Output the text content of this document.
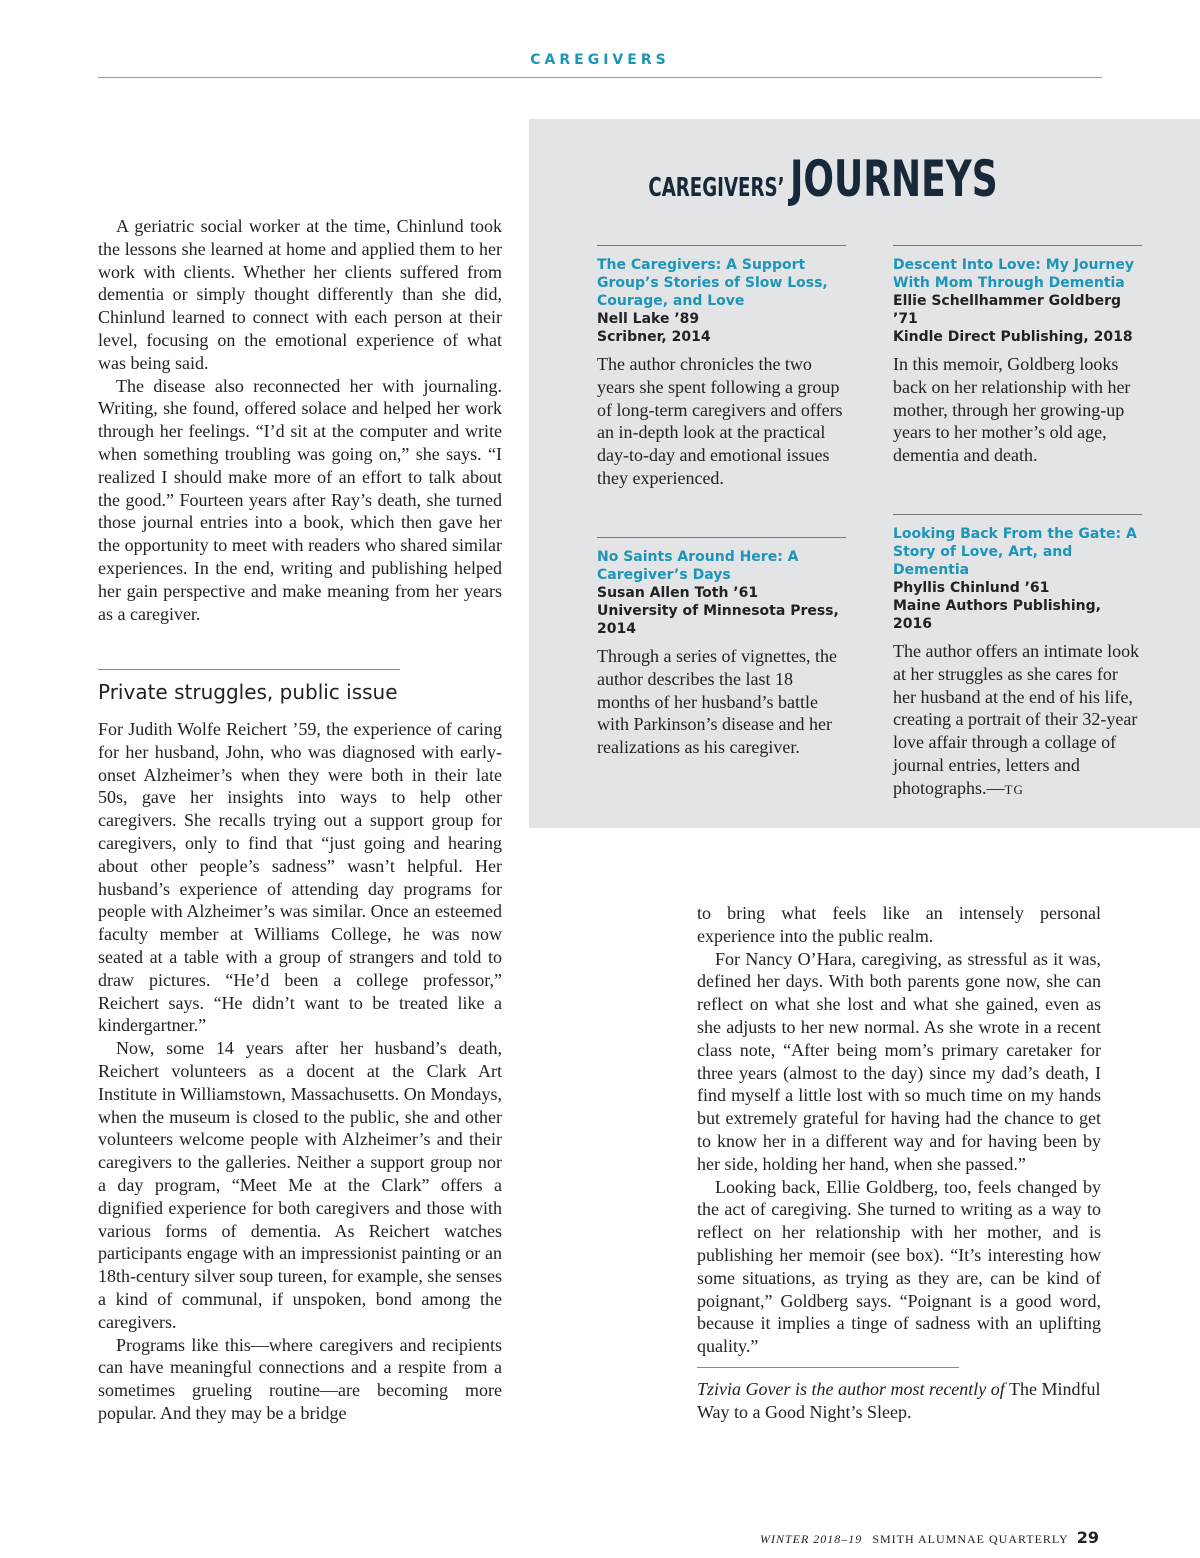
CAREGIVERS

A geriatric social worker at the time, Chinlund took the lessons she learned at home and applied them to her work with clients. Whether her clients suffered from dementia or simply thought differently than she did, Chinlund learned to connect with each person at their level, focusing on the emotional experience of what was being said.

The disease also reconnected her with journaling. Writing, she found, offered solace and helped her work through her feelings. “I’d sit at the computer and write when something troubling was going on,” she says. “I realized I should make more of an effort to talk about the good.” Fourteen years after Ray’s death, she turned those journal entries into a book, which then gave her the opportunity to meet with readers who shared similar experiences. In the end, writing and publishing helped her gain perspective and make meaning from her years as a caregiver.

Private struggles, public issue

For Judith Wolfe Reichert ’59, the experience of caring for her husband, John, who was diagnosed with early-onset Alzheimer’s when they were both in their late 50s, gave her insights into ways to help other caregivers. She recalls trying out a support group for caregivers, only to find that “just going and hearing about other people’s sadness” wasn’t helpful. Her husband’s experience of attending day programs for people with Alzheimer’s was similar. Once an esteemed faculty member at Williams College, he was now seated at a table with a group of strangers and told to draw pictures. “He’d been a college professor,” Reichert says. “He didn’t want to be treated like a kindergartner.”

Now, some 14 years after her husband’s death, Reichert volunteers as a docent at the Clark Art Institute in Williamstown, Massachusetts. On Mondays, when the museum is closed to the public, she and other volunteers welcome people with Alzheimer’s and their caregivers to the galleries. Neither a support group nor a day program, “Meet Me at the Clark” offers a dignified experience for both caregivers and those with various forms of dementia. As Reichert watches participants engage with an impressionist painting or an 18th-century silver soup tureen, for example, she senses a kind of communal, if unspoken, bond among the caregivers.

Programs like this—where caregivers and recipients can have meaningful connections and a respite from a sometimes grueling routine—are becoming more popular. And they may be a bridge

CAREGIVERS’ JOURNEYS
The Caregivers: A Support Group’s Stories of Slow Loss, Courage, and Love
Nell Lake ’89
Scribner, 2014
The author chronicles the two years she spent following a group of long-term caregivers and offers an in-depth look at the practical day-to-day and emotional issues they experienced.
No Saints Around Here: A Caregiver’s Days
Susan Allen Toth ’61
University of Minnesota Press, 2014
Through a series of vignettes, the author describes the last 18 months of her husband’s battle with Parkinson’s disease and her realizations as his caregiver.
Descent Into Love: My Journey With Mom Through Dementia
Ellie Schellhammer Goldberg ’71
Kindle Direct Publishing, 2018
In this memoir, Goldberg looks back on her relationship with her mother, through her growing-up years to her mother’s old age, dementia and death.
Looking Back From the Gate: A Story of Love, Art, and Dementia
Phyllis Chinlund ’61
Maine Authors Publishing, 2016
The author offers an intimate look at her struggles as she cares for her husband at the end of his life, creating a portrait of their 32-year love affair through a collage of journal entries, letters and photographs.—TG

to bring what feels like an intensely personal experience into the public realm.

For Nancy O’Hara, caregiving, as stressful as it was, defined her days. With both parents gone now, she can reflect on what she lost and what she gained, even as she adjusts to her new normal. As she wrote in a recent class note, “After being mom’s primary caretaker for three years (almost to the day) since my dad’s death, I find myself a little lost with so much time on my hands but extremely grateful for having had the chance to get to know her in a different way and for having been by her side, holding her hand, when she passed.”

Looking back, Ellie Goldberg, too, feels changed by the act of caregiving. She turned to writing as a way to reflect on her relationship with her mother, and is publishing her memoir (see box). “It’s interesting how some situations, as trying as they are, can be kind of poignant,” Goldberg says. “Poignant is a good word, because it implies a tinge of sadness with an uplifting quality.”

Tzivia Gover is the author most recently of The Mindful Way to a Good Night’s Sleep.
WINTER 2018–19 SMITH ALUMNAE QUARTERLY 29
